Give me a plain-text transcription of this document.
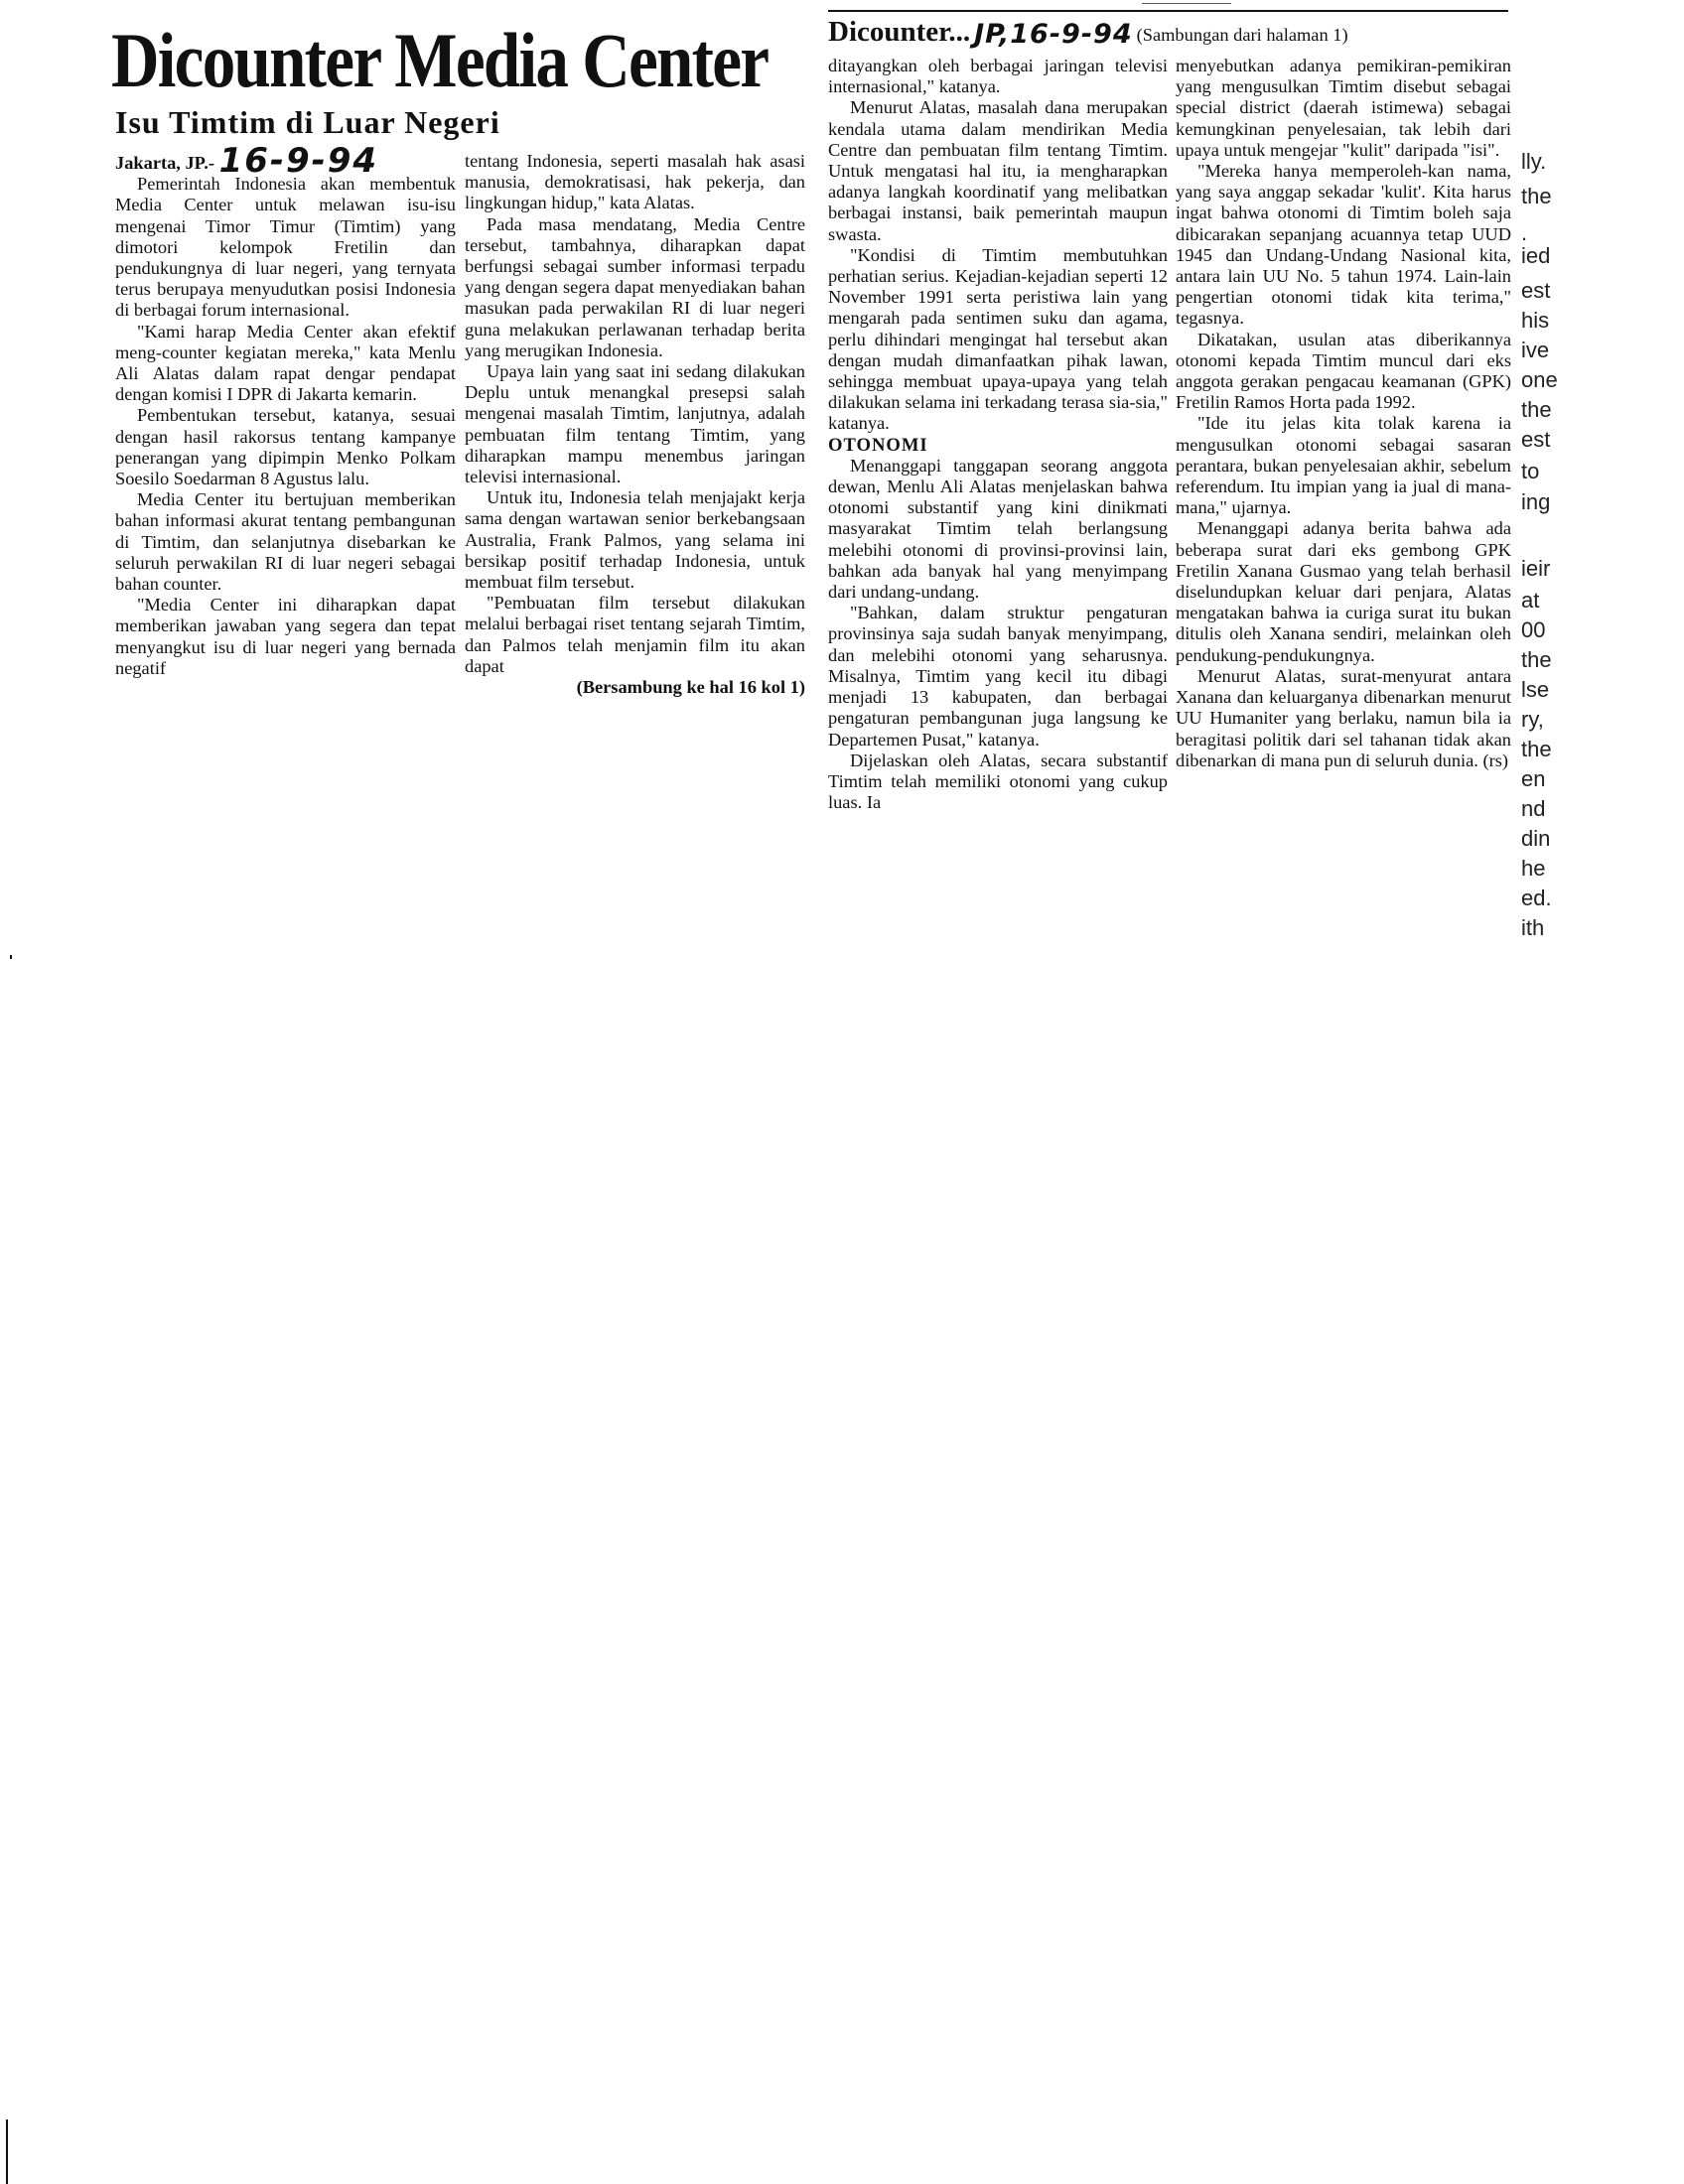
Dicounter Media Center
Isu Timtim di Luar Negeri

Jakarta, JP.- 16-9-94
Pemerintah Indonesia akan membentuk Media Center untuk melawan isu-isu mengenai Timor Timur (Timtim) yang dimotori kelompok Fretilin dan pendukungnya di luar negeri, yang ternyata terus berupaya menyudutkan posisi Indonesia di berbagai forum internasional.

"Kami harap Media Center akan efektif meng-counter kegiatan mereka," kata Menlu Ali Alatas dalam rapat dengar pendapat dengan komisi I DPR di Jakarta kemarin.

Pembentukan tersebut, katanya, sesuai dengan hasil rakorsus tentang kampanye penerangan yang dipimpin Menko Polkam Soesilo Soedarman 8 Agustus lalu.

Media Center itu bertujuan memberikan bahan informasi akurat tentang pembangunan di Timtim, dan selanjutnya disebarkan ke seluruh perwakilan RI di luar negeri sebagai bahan counter.

"Media Center ini diharapkan dapat memberikan jawaban yang segera dan tepat menyangkut isu di luar negeri yang bernada negatif

tentang Indonesia, seperti masalah hak asasi manusia, demokratisasi, hak pekerja, dan lingkungan hidup," kata Alatas.

Pada masa mendatang, Media Centre tersebut, tambahnya, diharapkan dapat berfungsi sebagai sumber informasi terpadu yang dengan segera dapat menyediakan bahan masukan pada perwakilan RI di luar negeri guna melakukan perlawanan terhadap berita yang merugikan Indonesia.

Upaya lain yang saat ini sedang dilakukan Deplu untuk menangkal presepsi salah mengenai masalah Timtim, lanjutnya, adalah pembuatan film tentang Timtim, yang diharapkan mampu menembus jaringan televisi internasional.

Untuk itu, Indonesia telah menjajakt kerja sama dengan wartawan senior berkebangsaan Australia, Frank Palmos, yang selama ini bersikap positif terhadap Indonesia, untuk membuat film tersebut.

"Pembuatan film tersebut dilakukan melalui berbagai riset tentang sejarah Timtim, dan Palmos telah menjamin film itu akan dapat

(Bersambung ke hal 16 kol 1)

Dicounter... JP,16-9-94 (Sambungan dari halaman 1)

ditayangkan oleh berbagai jaringan televisi internasional," katanya.

Menurut Alatas, masalah dana merupakan kendala utama dalam mendirikan Media Centre dan pembuatan film tentang Timtim. Untuk mengatasi hal itu, ia mengharapkan adanya langkah koordinatif yang melibatkan berbagai instansi, baik pemerintah maupun swasta.

"Kondisi di Timtim membutuhkan perhatian serius. Kejadian-kejadian seperti 12 November 1991 serta peristiwa lain yang mengarah pada sentimen suku dan agama, perlu dihindari mengingat hal tersebut akan dengan mudah dimanfaatkan pihak lawan, sehingga membuat upaya-upaya yang telah dilakukan selama ini terkadang terasa sia-sia," katanya.

OTONOMI

Menanggapi tanggapan seorang anggota dewan, Menlu Ali Alatas menjelaskan bahwa otonomi substantif yang kini dinikmati masyarakat Timtim telah berlangsung melebihi otonomi di provinsi-provinsi lain, bahkan ada banyak hal yang menyimpang dari undang-undang.

"Bahkan, dalam struktur pengaturan provinsinya saja sudah banyak menyimpang, dan melebihi otonomi yang seharusnya. Misalnya, Timtim yang kecil itu dibagi menjadi 13 kabupaten, dan berbagai pengaturan pembangunan juga langsung ke Departemen Pusat," katanya.

Dijelaskan oleh Alatas, secara substantif Timtim telah memiliki otonomi yang cukup luas. Ia

menyebutkan adanya pemikiran-pemikiran yang mengusulkan Timtim disebut sebagai special district (daerah istimewa) sebagai kemungkinan penyelesaian, tak lebih dari upaya untuk mengejar "kulit" daripada "isi".

"Mereka hanya memperoleh-kan nama, yang saya anggap sekadar 'kulit'. Kita harus ingat bahwa otonomi di Timtim boleh saja dibicarakan sepanjang acuannya tetap UUD 1945 dan Undang-Undang Nasional kita, antara lain UU No. 5 tahun 1974. Lain-lain pengertian otonomi tidak kita terima," tegasnya.

Dikatakan, usulan atas diberikannya otonomi kepada Timtim muncul dari eks anggota gerakan pengacau keamanan (GPK) Fretilin Ramos Horta pada 1992.

"Ide itu jelas kita tolak karena ia mengusulkan otonomi sebagai sasaran perantara, bukan penyelesaian akhir, sebelum referendum. Itu impian yang ia jual di mana-mana," ujarnya.

Menanggapi adanya berita bahwa ada beberapa surat dari eks gembong GPK Fretilin Xanana Gusmao yang telah berhasil diselundupkan keluar dari penjara, Alatas mengatakan bahwa ia curiga surat itu bukan ditulis oleh Xanana sendiri, melainkan oleh pendukung-pendukungnya.

Menurut Alatas, surat-menyurat antara Xanana dan keluarganya dibenarkan menurut UU Humaniter yang berlaku, namun bila ia beragitasi politik dari sel tahanan tidak akan dibenarkan di mana pun di seluruh dunia. (rs)

lly.
the
.
ied
est
his
ive
one
the
est
to
ing
ieir
at
00
the
lse
ry,
the
en
nd
din
he
ed.
ith
